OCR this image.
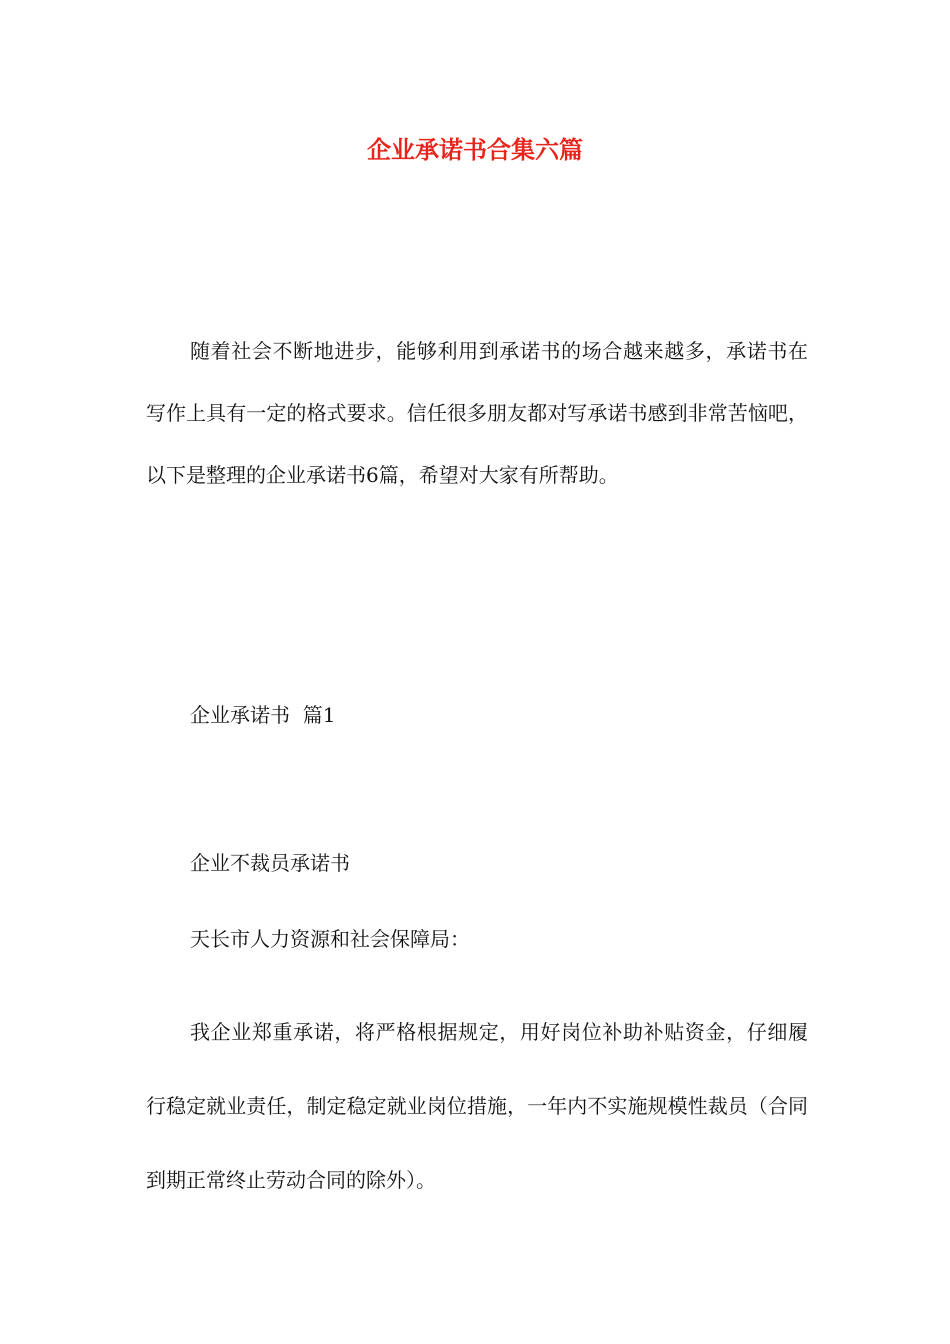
企业承诺书合集六篇
随着社会不断地进步，能够利用到承诺书的场合越来越多，承诺书在写作上具有一定的格式要求。信任很多朋友都对写承诺书感到非常苦恼吧，以下是整理的企业承诺书6篇，希望对大家有所帮助。
企业承诺书  篇1
企业不裁员承诺书
天长市人力资源和社会保障局：
我企业郑重承诺，将严格根据规定，用好岗位补助补贴资金，仔细履行稳定就业责任，制定稳定就业岗位措施，一年内不实施规模性裁员（合同到期正常终止劳动合同的除外）。
